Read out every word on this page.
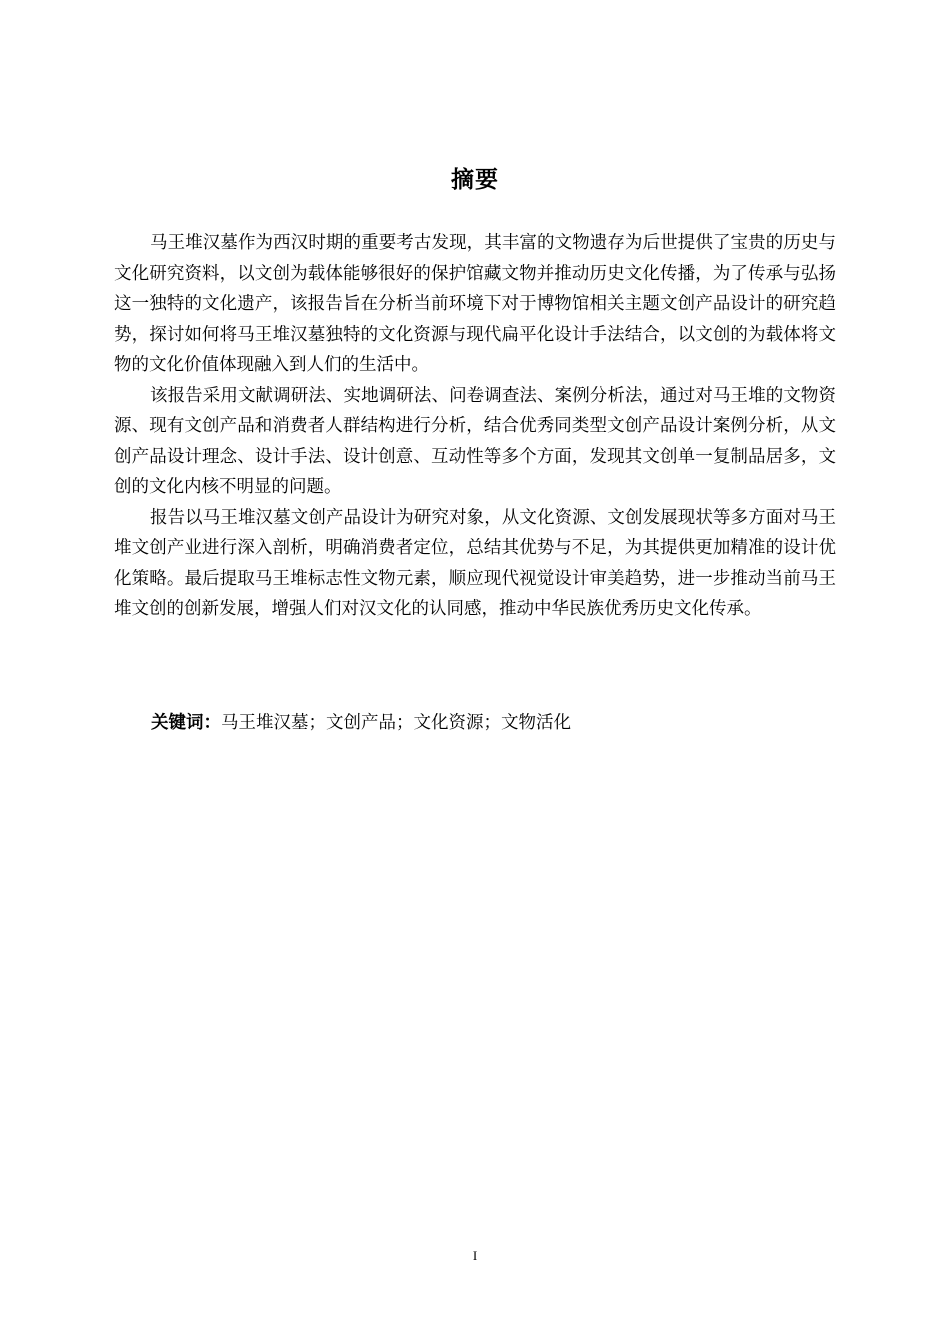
摘要

马王堆汉墓作为西汉时期的重要考古发现，其丰富的文物遗存为后世提供了宝贵的历史与文化研究资料，以文创为载体能够很好的保护馆藏文物并推动历史文化传播，为了传承与弘扬这一独特的文化遗产，该报告旨在分析当前环境下对于博物馆相关主题文创产品设计的研究趋势，探讨如何将马王堆汉墓独特的文化资源与现代扁平化设计手法结合，以文创的为载体将文物的文化价值体现融入到人们的生活中。

该报告采用文献调研法、实地调研法、问卷调查法、案例分析法，通过对马王堆的文物资源、现有文创产品和消费者人群结构进行分析，结合优秀同类型文创产品设计案例分析，从文创产品设计理念、设计手法、设计创意、互动性等多个方面，发现其文创单一复制品居多，文创的文化内核不明显的问题。

报告以马王堆汉墓文创产品设计为研究对象，从文化资源、文创发展现状等多方面对马王堆文创产业进行深入剖析，明确消费者定位，总结其优势与不足，为其提供更加精准的设计优化策略。最后提取马王堆标志性文物元素，顺应现代视觉设计审美趋势，进一步推动当前马王堆文创的创新发展，增强人们对汉文化的认同感，推动中华民族优秀历史文化传承。

关键词：马王堆汉墓；文创产品；文化资源；文物活化
I
